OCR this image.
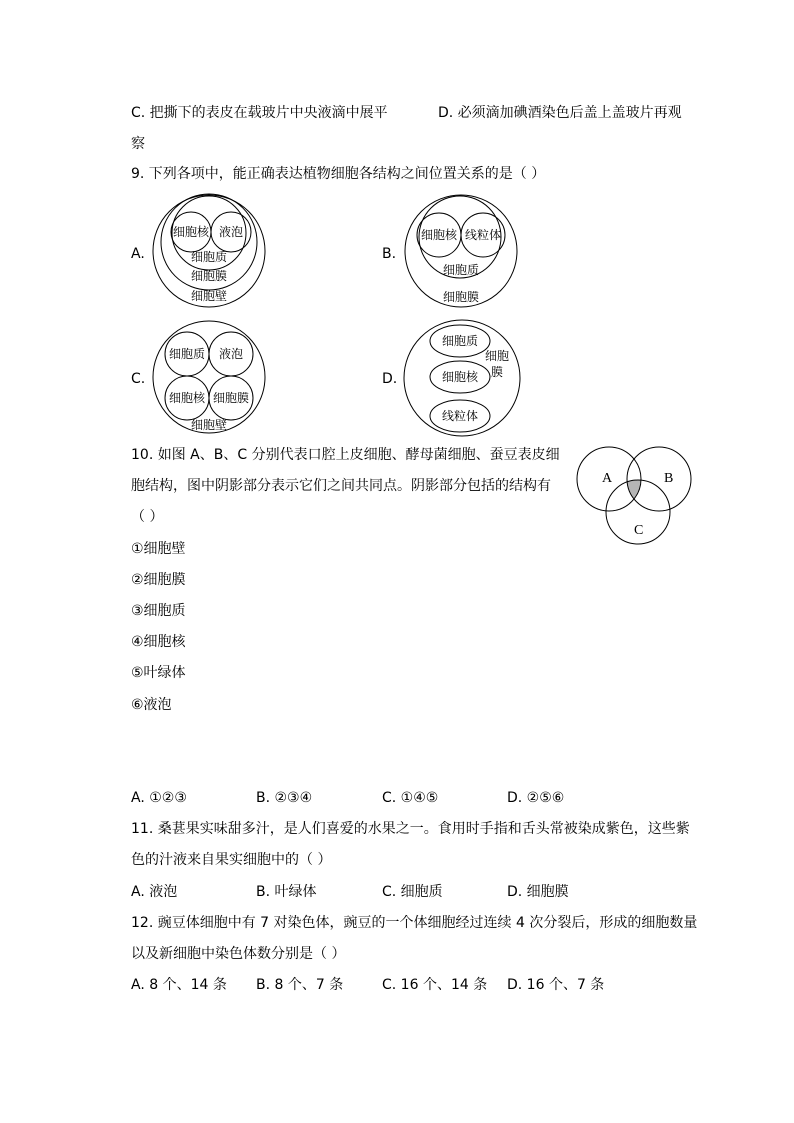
C. 把撕下的表皮在载玻片中央液滴中展平	D. 必须滴加碘酒染色后盖上盖玻片再观
察
9. 下列各项中，能正确表达植物细胞各结构之间位置关系的是（ ）
A.
细胞核 液泡
细胞质
细胞膜
细胞壁
B.
细胞核 线粒体
细胞质
细胞膜
C.
细胞质 液泡
细胞核 细胞膜
细胞壁
D.
细胞质
细胞核
线粒体
细胞
膜
10. 如图 A、B、C 分别代表口腔上皮细胞、酵母菌细胞、蚕豆表皮细
胞结构，图中阴影部分表示它们之间共同点。阴影部分包括的结构有
（ ）
A	B
C
①细胞壁
②细胞膜
③细胞质
④细胞核
⑤叶绿体
⑥液泡
A. ①②③	B. ②③④	C. ①④⑤	D. ②⑤⑥
11. 桑葚果实味甜多汁，是人们喜爱的水果之一。食用时手指和舌头常被染成紫色，这些紫
色的汁液来自果实细胞中的（ ）
A. 液泡	B. 叶绿体	C. 细胞质	D. 细胞膜
12. 豌豆体细胞中有 7 对染色体，豌豆的一个体细胞经过连续 4 次分裂后，形成的细胞数量
以及新细胞中染色体数分别是（ ）
A. 8 个、14 条 B. 8 个、7 条	C. 16 个、14 条 D. 16 个、7 条
